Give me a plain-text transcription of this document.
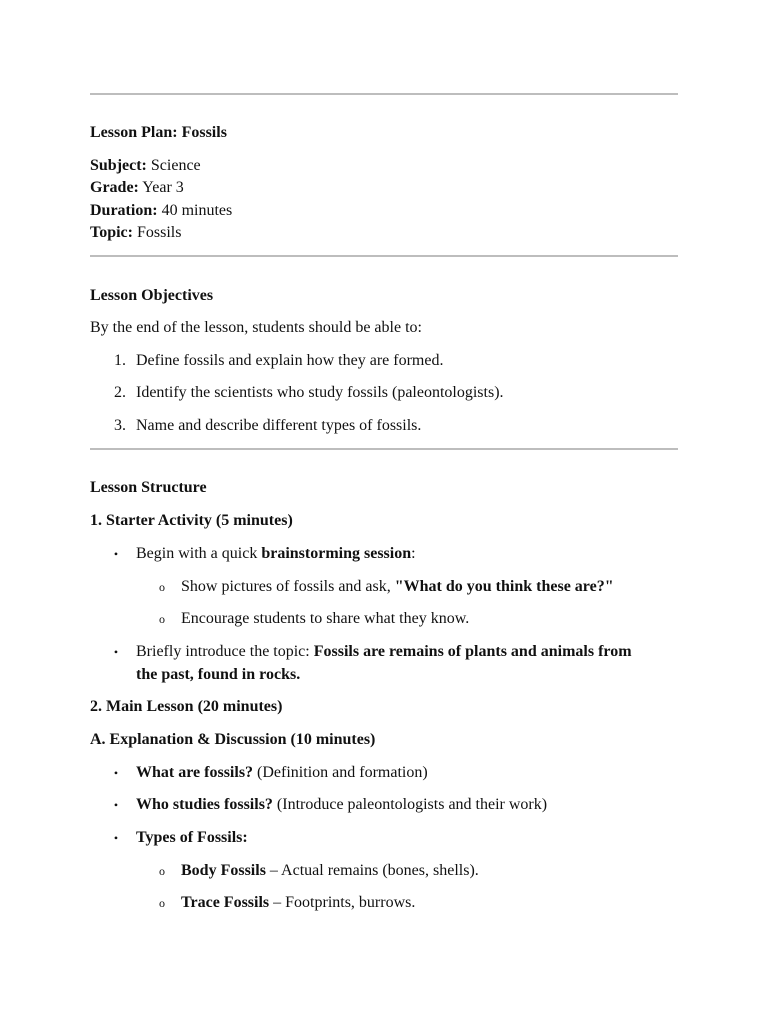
Lesson Plan: Fossils
Subject: Science
Grade: Year 3
Duration: 40 minutes
Topic: Fossils
Lesson Objectives
By the end of the lesson, students should be able to:
1. Define fossils and explain how they are formed.
2. Identify the scientists who study fossils (paleontologists).
3. Name and describe different types of fossils.
Lesson Structure
1. Starter Activity (5 minutes)
• Begin with a quick brainstorming session:
o Show pictures of fossils and ask, "What do you think these are?"
o Encourage students to share what they know.
• Briefly introduce the topic: Fossils are remains of plants and animals from the past, found in rocks.
2. Main Lesson (20 minutes)
A. Explanation & Discussion (10 minutes)
• What are fossils? (Definition and formation)
• Who studies fossils? (Introduce paleontologists and their work)
• Types of Fossils:
o Body Fossils – Actual remains (bones, shells).
o Trace Fossils – Footprints, burrows.
